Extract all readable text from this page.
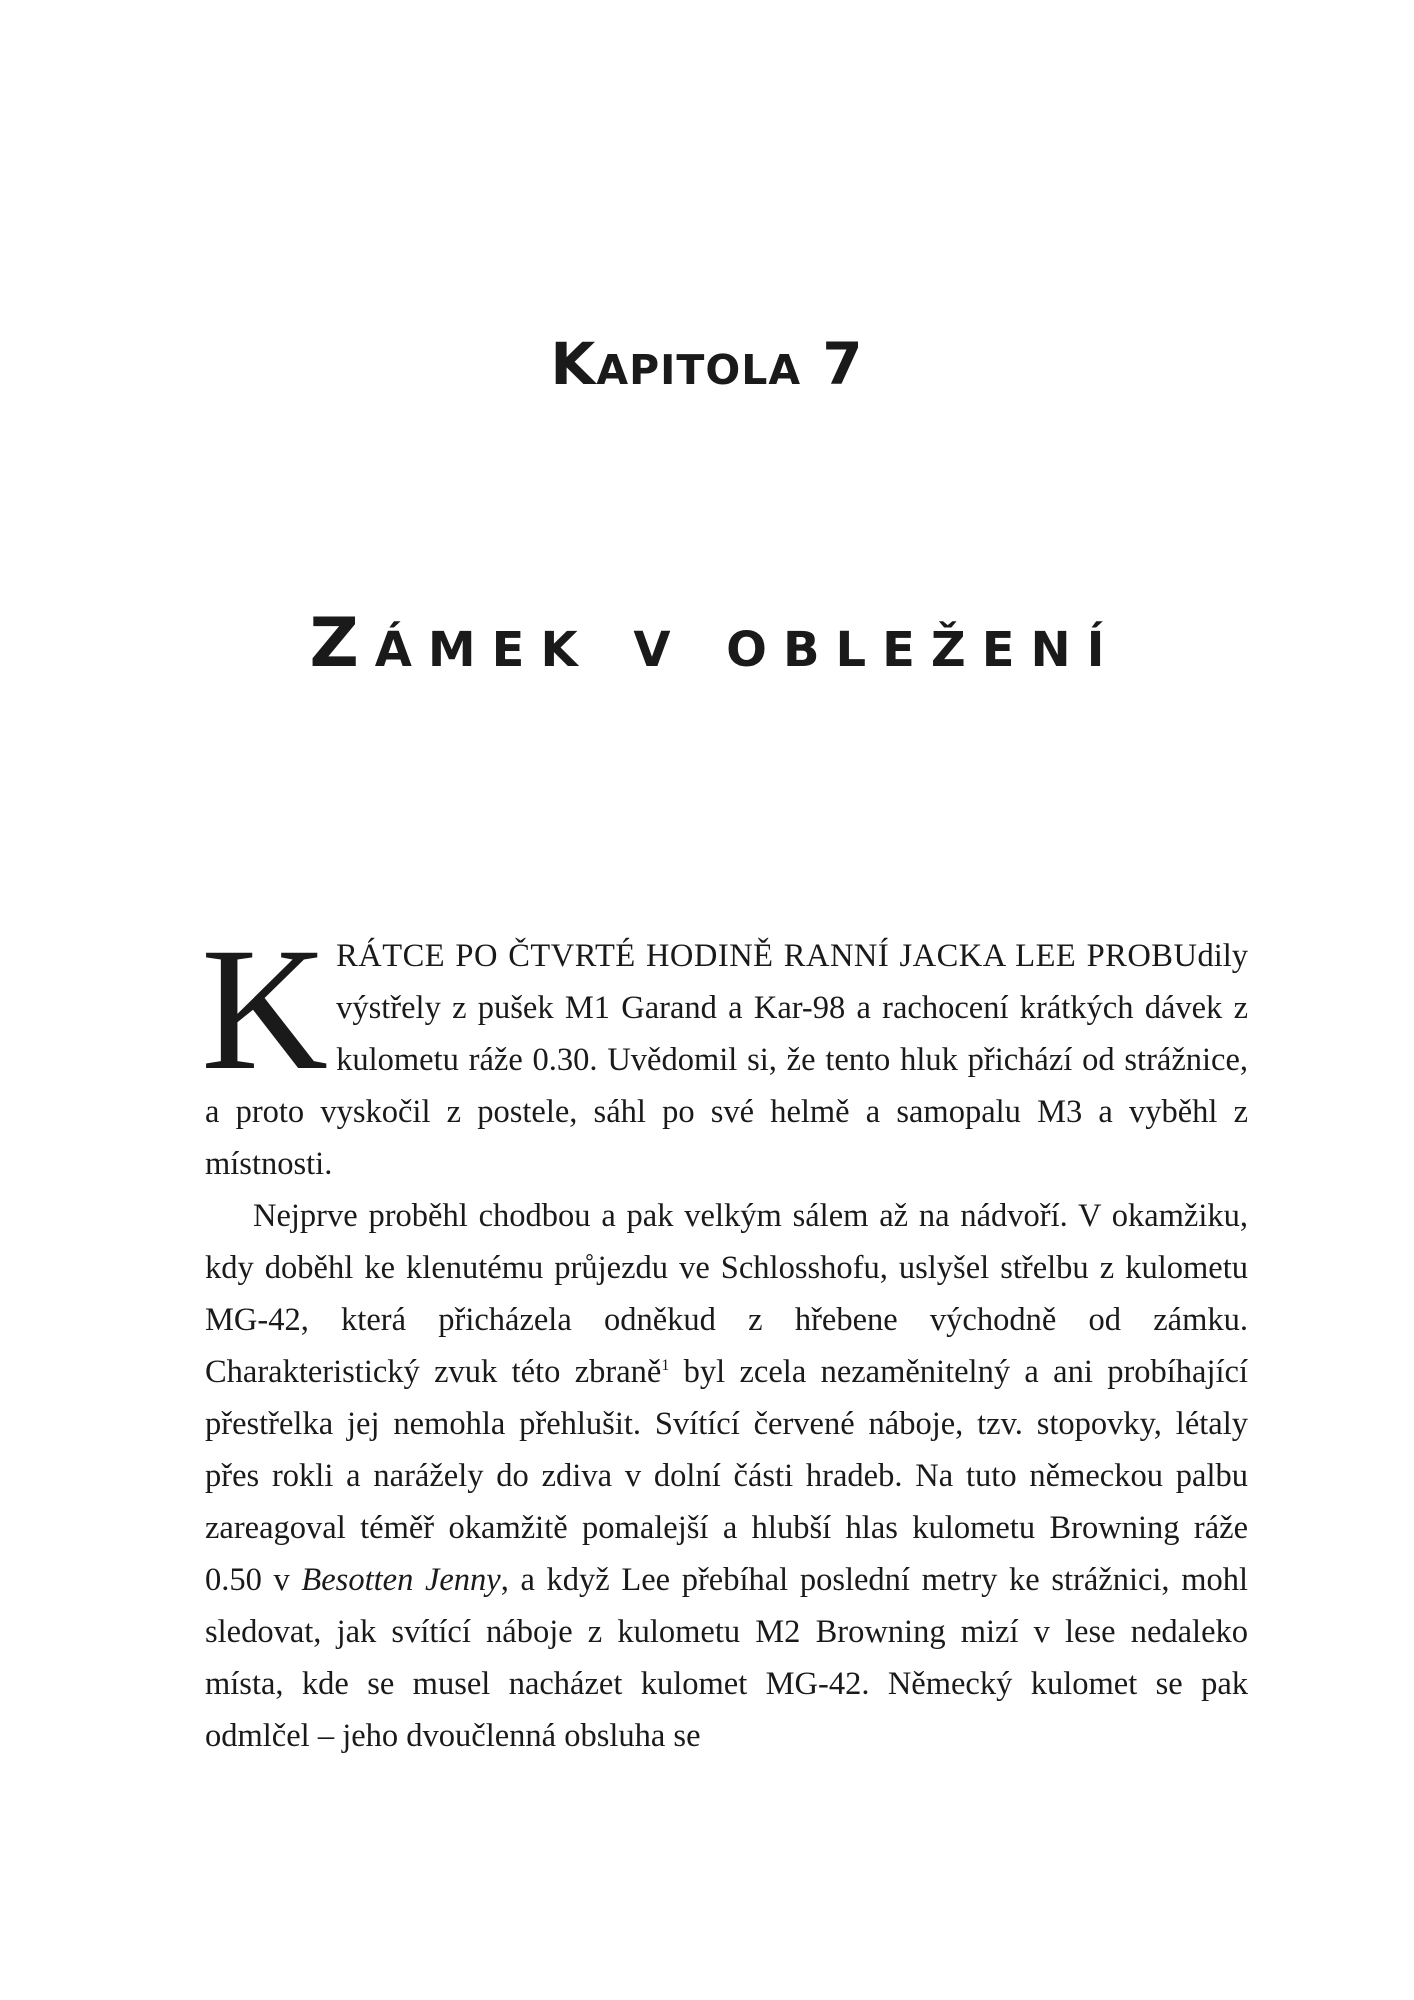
Kapitola 7
Zámek v obležení

KRÁTCE PO ČTVRTÉ HODINĚ RANNÍ JACKA LEE PROBUdily výstřely z pušek M1 Garand a Kar-98 a rachocení krátkých dávek z kulometu ráže 0.30. Uvědomil si, že tento hluk přichází od strážnice, a proto vyskočil z postele, sáhl po své helmě a samopalu M3 a vyběhl z místnosti.

Nejprve proběhl chodbou a pak velkým sálem až na nádvoří. V okamžiku, kdy doběhl ke klenutému průjezdu ve Schlosshofu, uslyšel střelbu z kulometu MG-42, která přicházela odněkud z hřebene východně od zámku. Charakteristický zvuk této zbraně$^1$ byl zcela nezaměnitelný a ani probíhající přestřelka jej nemohla přehlušit. Svítící červené náboje, tzv. stopovky, létaly přes rokli a narážely do zdiva v dolní části hradeb. Na tuto německou palbu zareagoval téměř okamžitě pomalejší a hlubší hlas kulometu Browning ráže 0.50 v Besotten Jenny, a když Lee přebíhal poslední metry ke strážnici, mohl sledovat, jak svítící náboje z kulometu M2 Browning mizí v lese nedaleko místa, kde se musel nacházet kulomet MG-42. Německý kulomet se pak odmlčel – jeho dvoučlenná obsluha se
